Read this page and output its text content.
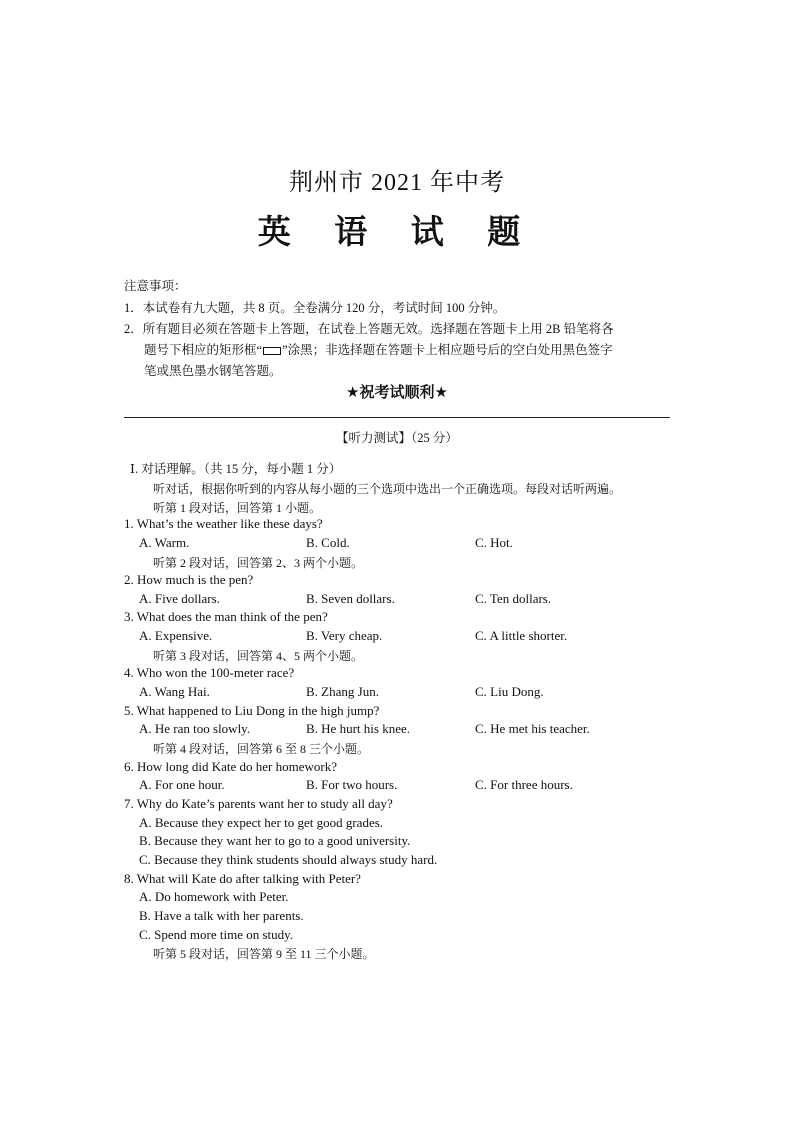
荆州市 2021 年中考
英 语 试 题
注意事项：
1．本试卷有九大题，共 8 页。全卷满分 120 分，考试时间 100 分钟。
2．所有题目必须在答题卡上答题，在试卷上答题无效。选择题在答题卡上用 2B 铅笔将各
题号下相应的矩形框“ ”涂黑；非选择题在答题卡上相应题号后的空白处用黑色签字
笔或黑色墨水钢笔答题。
★祝考试顺利★
【听力测试】（25 分）
Ⅰ. 对话理解。（共 15 分，每小题 1 分）
听对话，根据你听到的内容从每小题的三个选项中选出一个正确选项。每段对话听两遍。
听第 1 段对话，回答第 1 小题。
1. What’s the weather like these days?
A. Warm.	B. Cold.	C. Hot.
听第 2 段对话，回答第 2、3 两个小题。
2. How much is the pen?
A. Five dollars.	B. Seven dollars.	C. Ten dollars.
3. What does the man think of the pen?
A. Expensive.	B. Very cheap.	C. A little shorter.
听第 3 段对话，回答第 4、5 两个小题。
4. Who won the 100-meter race?
A. Wang Hai.	B. Zhang Jun.	C. Liu Dong.
5. What happened to Liu Dong in the high jump?
A. He ran too slowly.	B. He hurt his knee.	C. He met his teacher.
听第 4 段对话，回答第 6 至 8 三个小题。
6. How long did Kate do her homework?
A. For one hour.	B. For two hours.	C. For three hours.
7. Why do Kate’s parents want her to study all day?
A. Because they expect her to get good grades.
B. Because they want her to go to a good university.
C. Because they think students should always study hard.
8. What will Kate do after talking with Peter?
A. Do homework with Peter.
B. Have a talk with her parents.
C. Spend more time on study.
听第 5 段对话，回答第 9 至 11 三个小题。
